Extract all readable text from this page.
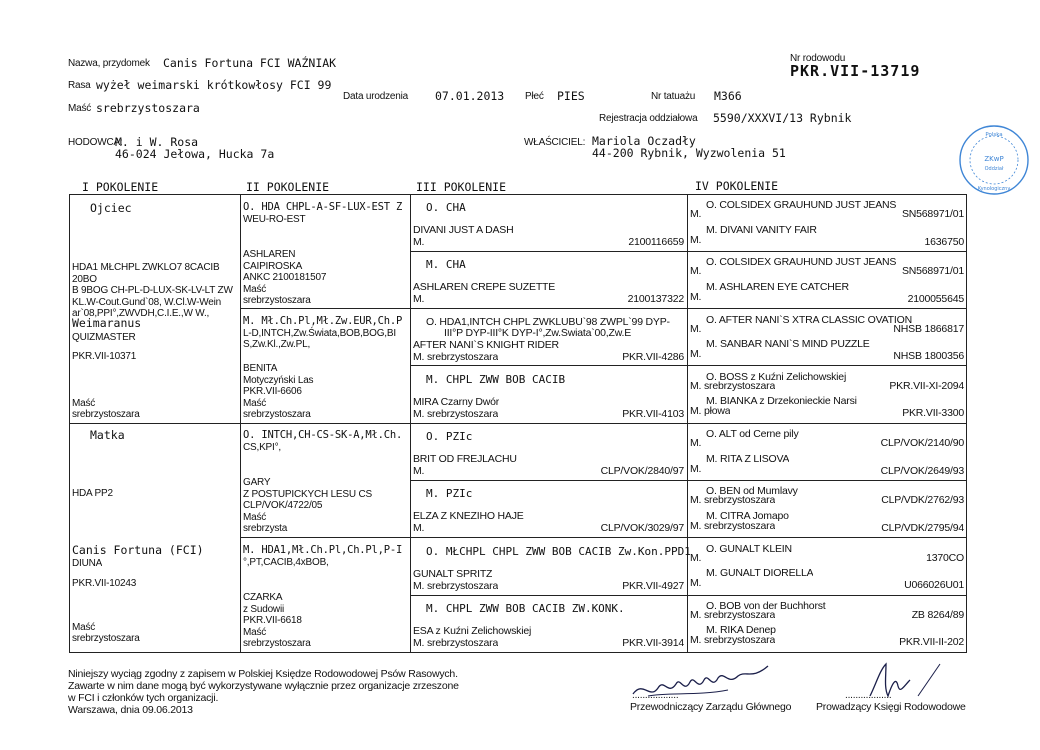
Nazwa, przydomek Canis Fortuna FCI WAŹNIAK	Nr rodowodu
PKR.VII-13719
Rasa wyżeł weimarski krótkowłosy FCI 99
Data urodzenia 07.01.2013 Płeć PIES	Nr tatuażu M366
Maść srebrzystoszara
Rejestracja oddziałowa 5590/XXXVI/13 Rybnik
HODOWCA:
M. i W. Rosa
46-024 Jełowa, Hucka 7a
WŁAŚCICIEL: Mariola Oczadły
44-200 Rybnik, Wyzwolenia 51	ZKwP
Oddział
Polska
Kynologiczny
I POKOLENIE	II POKOLENIE	III POKOLENIE	IV POKOLENIE
Ojciec
HDA1 MŁCHPL ZWKLO7 8CACIB 20BO
B 9BOG CH-PL-D-LUX-SK-LV-LT ZW
KL.W-Cout.Gund`08, W.Cl.W-Wein
ar`08,PPI°,ZWVDH,C.I.E.,W W.,
Weimaranus
QUIZMASTER
PKR.VII-10371
Maść
srebrzystoszara
Matka
HDA PP2
Canis Fortuna (FCI)
DIUNA
PKR.VII-10243
Maść
srebrzystoszara
O. HDA CHPL-A-SF-LUX-EST Z
WEU-RO-EST
ASHLAREN
CAIPIROSKA
ANKC 2100181507
Maść
srebrzystoszara
M. Mł.Ch.Pl,Mł.Zw.EUR,Ch.P
L-D,INTCH,Zw.Świata,BOB,BOG,BI
S,Zw.Kl.,Zw.PL,
BENITA
Motyczyński Las
PKR.VII-6606
Maść
srebrzystoszara
O. INTCH,CH-CS-SK-A,Mł.Ch.
CS,KPI°,
GARY
Z POSTUPICKYCH LESU CS
CLP/VOK/4722/05
Maść
srebrzysta
M. HDA1,Mł.Ch.Pl,Ch.Pl,P-I
°,PT,CACIB,4xBOB,
CZARKA
z Sudowii
PKR.VII-6618
Maść
srebrzystoszara
O. CHA
DIVANI JUST A DASH
M.	2100116659
M. CHA
ASHLAREN CREPE SUZETTE
M.	2100137322
O. HDA1,INTCH CHPL ZWKLUBU`98 ZWPL`99 DYP-
III°P DYP-III°K DYP-I°,Zw.Świata`00,Zw.E
AFTER NANI`S KNIGHT RIDER
M. srebrzystoszara	PKR.VII-4286
M. CHPL ZWW BOB CACIB
MIRA Czarny Dwór
M. srebrzystoszara	PKR.VII-4103
O. PZIc
BRIT OD FREJLACHU
M.	CLP/VOK/2840/97
M. PZIc
ELZA Z KNEZIHO HAJE
M.	CLP/VOK/3029/97
O. MŁCHPL CHPL ZWW BOB CACIB Zw.Kon.PPD1
GUNALT SPRITZ
M. srebrzystoszara	PKR.VII-4927
M. CHPL ZWW BOB CACIB ZW.KONK.
ESA z Kuźni Żelichowskiej
M. srebrzystoszara	PKR.VII-3914
O. COLSIDEX GRAUHUND JUST JEANS
M.	SN568971/01
M. DIVANI VANITY FAIR
M.	1636750
O. COLSIDEX GRAUHUND JUST JEANS
M.	SN568971/01
M. ASHLAREN EYE CATCHER
M.	2100055645
O. AFTER NANI`S XTRA CLASSIC OVATION
M.	NHSB 1866817
M. SANBAR NANI`S MIND PUZZLE
M.	NHSB 1800356
O. BOSS z Kuźni Żelichowskiej
M. srebrzystoszara	PKR.VII-XI-2094
M. BIANKA z Drzekonieckie Narsi
M. płowa	PKR.VII-3300
O. ALT od Cerne pily
M.	CLP/VOK/2140/90
M. RITA Z LISOVA
M.	CLP/VOK/2649/93
O. BEN od Mumlavy
M. srebrzystoszara	CLP/VDK/2762/93
M. CITRA Jomapo
M. srebrzystoszara	CLP/VDK/2795/94
O. GUNALT KLEIN
M.	1370CO
M. GUNALT DIORELLA
M.	U066026U01
O. BOB von der Buchhorst
M. srebrzystoszara	ZB 8264/89
M. RIKA Denep
M. srebrzystoszara	PKR.VII-II-202
Niniejszy wyciąg zgodny z zapisem w Polskiej Księdze Rodowodowej Psów Rasowych.
Zawarte w nim dane mogą być wykorzystywane wyłącznie przez organizacje zrzeszone
w FCI i członków tych organizacji.
Warszawa, dnia 09.06.2013
..................
Przewodniczący Zarządu Głównego
..................
Prowadzący Księgi Rodowodowe
